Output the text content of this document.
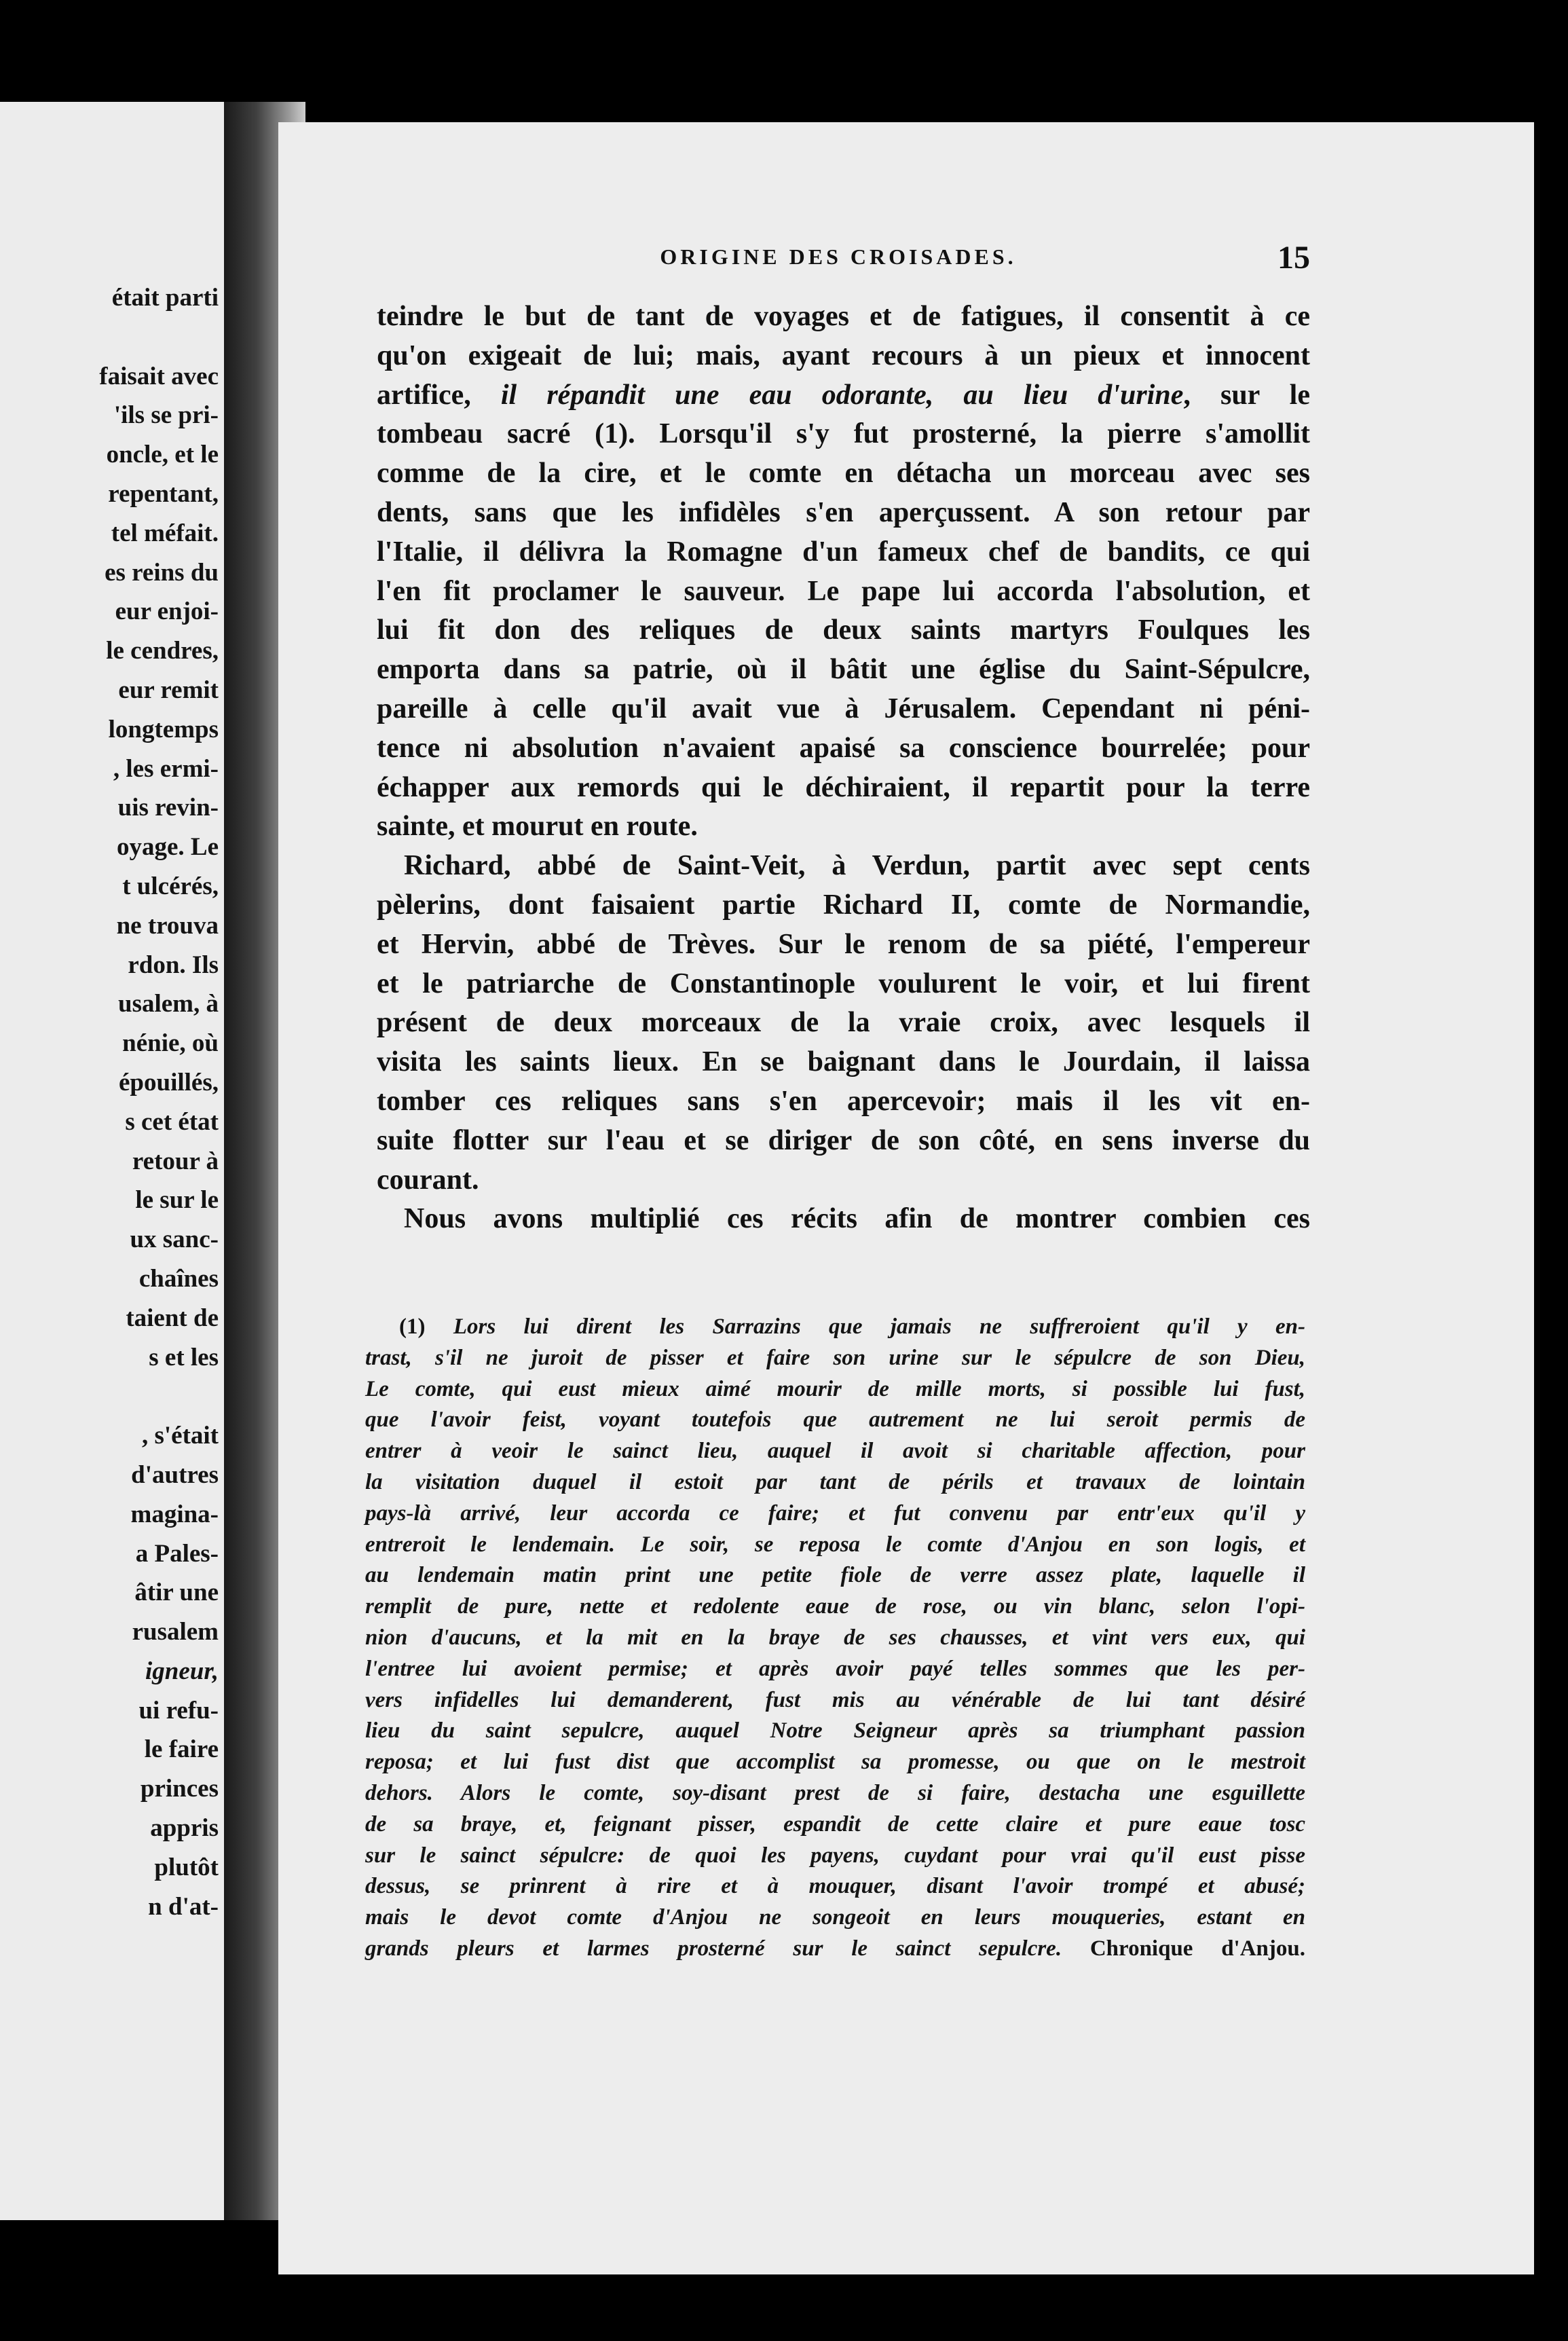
était parti
faisait avec
'ils se pri-
oncle, et le
repentant,
tel méfait.
es reins du
eur enjoi-
le cendres,
eur remit
longtemps
, les ermi-
uis revin-
oyage. Le
t ulcérés,
ne trouva
rdon. Ils
usalem, à
nénie, où
épouillés,
s cet état
retour à
le sur le
ux sanc-
chaînes
taient de
s et les
, s'était
d'autres
magina-
a Pales-
âtir une
rusalem
igneur,
ui refu-
le faire
princes
appris
plutôt
n d'at-
ORIGINE DES CROISADES.	15
teindre le but de tant de voyages et de fatigues, il consentit à ce
qu'on exigeait de lui; mais, ayant recours à un pieux et innocent
artifice, il répandit une eau odorante, au lieu d'urine, sur le
tombeau sacré (1). Lorsqu'il s'y fut prosterné, la pierre s'amollit
comme de la cire, et le comte en détacha un morceau avec ses
dents, sans que les infidèles s'en aperçussent. A son retour par
l'Italie, il délivra la Romagne d'un fameux chef de bandits, ce qui
l'en fit proclamer le sauveur. Le pape lui accorda l'absolution, et
lui fit don des reliques de deux saints martyrs Foulques les
emporta dans sa patrie, où il bâtit une église du Saint-Sépulcre,
pareille à celle qu'il avait vue à Jérusalem. Cependant ni péni-
tence ni absolution n'avaient apaisé sa conscience bourrelée; pour
échapper aux remords qui le déchiraient, il repartit pour la terre
sainte, et mourut en route.
Richard, abbé de Saint-Veit, à Verdun, partit avec sept cents
pèlerins, dont faisaient partie Richard II, comte de Normandie,
et Hervin, abbé de Trèves. Sur le renom de sa piété, l'empereur
et le patriarche de Constantinople voulurent le voir, et lui firent
présent de deux morceaux de la vraie croix, avec lesquels il
visita les saints lieux. En se baignant dans le Jourdain, il laissa
tomber ces reliques sans s'en apercevoir; mais il les vit en-
suite flotter sur l'eau et se diriger de son côté, en sens inverse du
courant.
Nous avons multiplié ces récits afin de montrer combien ces
(1) Lors lui dirent les Sarrazins que jamais ne suffreroient qu'il y en-
trast, s'il ne juroit de pisser et faire son urine sur le sépulcre de son Dieu,
Le comte, qui eust mieux aimé mourir de mille morts, si possible lui fust,
que l'avoir feist, voyant toutefois que autrement ne lui seroit permis de
entrer à veoir le sainct lieu, auquel il avoit si charitable affection, pour
la visitation duquel il estoit par tant de périls et travaux de lointain
pays-là arrivé, leur accorda ce faire; et fut convenu par entr'eux qu'il y
entreroit le lendemain. Le soir, se reposa le comte d'Anjou en son logis, et
au lendemain matin print une petite fiole de verre assez plate, laquelle il
remplit de pure, nette et redolente eaue de rose, ou vin blanc, selon l'opi-
nion d'aucuns, et la mit en la braye de ses chausses, et vint vers eux, qui
l'entree lui avoient permise; et après avoir payé telles sommes que les per-
vers infidelles lui demanderent, fust mis au vénérable de lui tant désiré
lieu du saint sepulcre, auquel Notre Seigneur après sa triumphant passion
reposa; et lui fust dist que accomplist sa promesse, ou que on le mestroit
dehors. Alors le comte, soy-disant prest de si faire, destacha une esguillette
de sa braye, et, feignant pisser, espandit de cette claire et pure eaue tosc
sur le sainct sépulcre: de quoi les payens, cuydant pour vrai qu'il eust pisse
dessus, se prinrent à rire et à mouquer, disant l'avoir trompé et abusé;
mais le devot comte d'Anjou ne songeoit en leurs mouqueries, estant en
grands pleurs et larmes prosterné sur le sainct sepulcre. Chronique d'Anjou.
